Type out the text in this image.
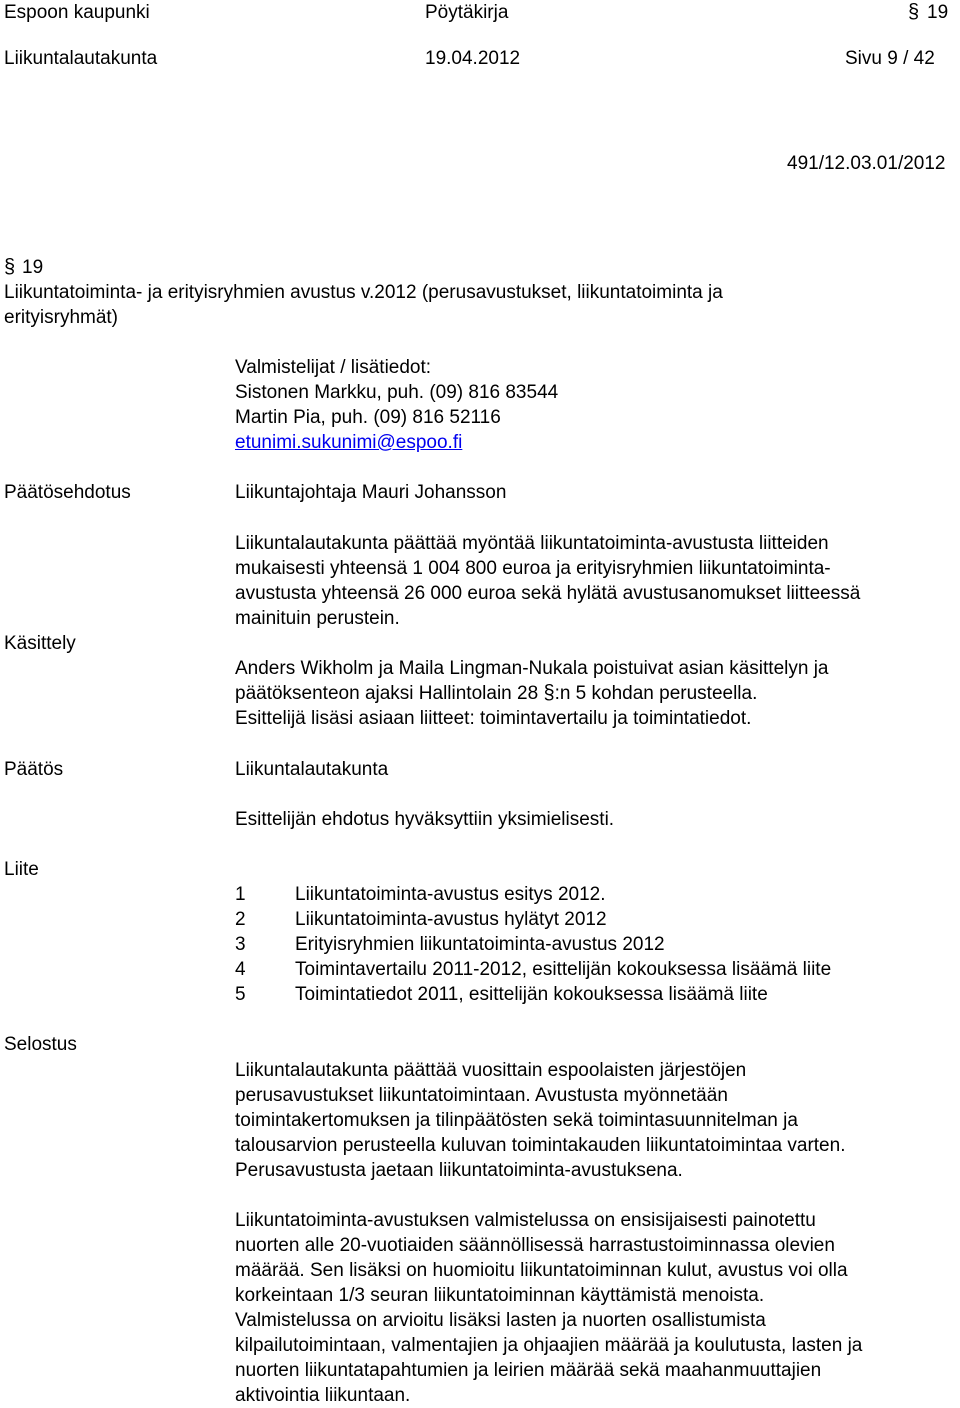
Espoon kaupunki	Pöytäkirja	§ 19
Liikuntalautakunta	19.04.2012	Sivu 9 / 42
491/12.03.01/2012
§ 19
Liikuntatoiminta- ja erityisryhmien avustus v.2012 (perusavustukset, liikuntatoiminta ja
erityisryhmät)
Valmistelijat / lisätiedot:
Sistonen Markku, puh. (09) 816 83544
Martin Pia, puh. (09) 816 52116
etunimi.sukunimi@espoo.fi
Päätösehdotus	Liikuntajohtaja Mauri Johansson
Liikuntalautakunta päättää myöntää liikuntatoiminta-avustusta liitteiden
mukaisesti yhteensä 1 004 800 euroa ja erityisryhmien liikuntatoiminta-
avustusta yhteensä 26 000 euroa sekä hylätä avustusanomukset liitteessä
mainituin perustein.
Käsittely
Anders Wikholm ja Maila Lingman-Nukala poistuivat asian käsittelyn ja
päätöksenteon ajaksi Hallintolain 28 §:n 5 kohdan perusteella.
Esittelijä lisäsi asiaan liitteet: toimintavertailu ja toimintatiedot.
Päätös	Liikuntalautakunta
Esittelijän ehdotus hyväksyttiin yksimielisesti.
Liite
1	Liikuntatoiminta-avustus esitys 2012.
2	Liikuntatoiminta-avustus hylätyt 2012
3	Erityisryhmien liikuntatoiminta-avustus 2012
4	Toimintavertailu 2011-2012, esittelijän kokouksessa lisäämä liite
5	Toimintatiedot 2011, esittelijän kokouksessa lisäämä liite
Selostus
Liikuntalautakunta päättää vuosittain espoolaisten järjestöjen
perusavustukset liikuntatoimintaan. Avustusta myönnetään
toimintakertomuksen ja tilinpäätösten sekä toimintasuunnitelman ja
talousarvion perusteella kuluvan toimintakauden liikuntatoimintaa varten.
Perusavustusta jaetaan liikuntatoiminta-avustuksena.
Liikuntatoiminta-avustuksen valmistelussa on ensisijaisesti painotettu
nuorten alle 20-vuotiaiden säännöllisessä harrastustoiminnassa olevien
määrää. Sen lisäksi on huomioitu liikuntatoiminnan kulut, avustus voi olla
korkeintaan 1/3 seuran liikuntatoiminnan käyttämistä menoista.
Valmistelussa on arvioitu lisäksi lasten ja nuorten osallistumista
kilpailutoimintaan, valmentajien ja ohjaajien määrää ja koulutusta, lasten ja
nuorten liikuntatapahtumien ja leirien määrää sekä maahanmuuttajien
aktivointia liikuntaan.
